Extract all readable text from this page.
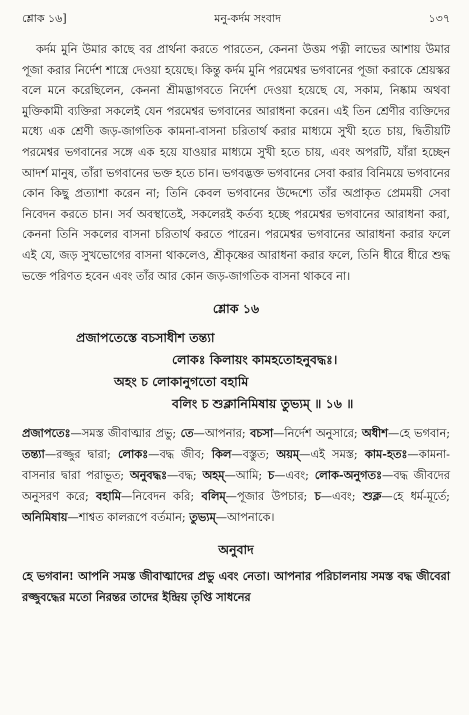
শ্লোক ১৬]	মনু-কর্দম সংবাদ	১৩৭

কর্দম মুনি উমার কাছে বর প্রার্থনা করতে পারতেন, কেননা উত্তম পত্নী লাভের আশায় উমার পূজা করার নির্দেশ শাস্ত্রে দেওয়া হয়েছে। কিন্তু কর্দম মুনি পরমেশ্বর ভগবানের পূজা করাকে শ্রেয়স্কর বলে মনে করেছিলেন, কেননা শ্রীমদ্ভাগবতে নির্দেশ দেওয়া হয়েছে যে, সকাম, নিষ্কাম অথবা মুক্তিকামী ব্যক্তিরা সকলেই যেন পরমেশ্বর ভগবানের আরাধনা করেন। এই তিন শ্রেণীর ব্যক্তিদের মধ্যে এক শ্রেণী জড়-জাগতিক কামনা-বাসনা চরিতার্থ করার মাধ্যমে সুখী হতে চায়, দ্বিতীয়টি পরমেশ্বর ভগবানের সঙ্গে এক হয়ে যাওয়ার মাধ্যমে সুখী হতে চায়, এবং অপরটি, যাঁরা হচ্ছেন আদর্শ মানুষ, তাঁরা ভগবানের ভক্ত হতে চান। ভগবদ্ভক্ত ভগবানের সেবা করার বিনিময়ে ভগবানের কোন কিছু প্রত্যাশা করেন না; তিনি কেবল ভগবানের উদ্দেশ্যে তাঁর অপ্রাকৃত প্রেমময়ী সেবা নিবেদন করতে চান। সর্ব অবস্থাতেই, সকলেরই কর্তব্য হচ্ছে পরমেশ্বর ভগবানের আরাধনা করা, কেননা তিনি সকলের বাসনা চরিতার্থ করতে পারেন। পরমেশ্বর ভগবানের আরাধনা করার ফলে এই যে, জড় সুখভোগের বাসনা থাকলেও, শ্রীকৃষ্ণের আরাধনা করার ফলে, তিনি ধীরে ধীরে শুদ্ধ ভক্তে পরিণত হবেন এবং তাঁর আর কোন জড়-জাগতিক বাসনা থাকবে না।

শ্লোক ১৬
প্রজাপতেস্তে বচসাধীশ তন্ত্যা
লোকঃ কিলায়ং কামহতোহনুবদ্ধঃ।
অহং চ লোকানুগতো বহামি
বলিং চ শুক্লানিমিষায় তুভ্যম্ ॥ ১৬ ॥
প্রজাপতেঃ—সমস্ত জীবাত্মার প্রভু; তে—আপনার; বচসা—নির্দেশ অনুসারে; অধীশ—হে ভগবান; তন্ত্যা—রজ্জুর দ্বারা; লোকঃ—বদ্ধ জীব; কিল—বস্তুত; অয়ম্—এই সমস্ত; কাম-হতঃ—কামনা-বাসনার দ্বারা পরাভূত; অনুবদ্ধঃ—বদ্ধ; অহম্—আমি; চ—এবং; লোক-অনুগতঃ—বদ্ধ জীবদের অনুসরণ করে; বহামি—নিবেদন করি; বলিম্—পূজার উপচার; চ—এবং; শুক্ল—হে ধর্ম-মূর্তে; অনিমিষায়—শাশ্বত কালরূপে বর্তমান; তুভ্যম্—আপনাকে।
অনুবাদ
হে ভগবান! আপনি সমস্ত জীবাত্মাদের প্রভু এবং নেতা। আপনার পরিচালনায় সমস্ত বদ্ধ জীবেরা রজ্জুবদ্ধের মতো নিরন্তর তাদের ইন্দ্রিয় তৃপ্তি সাধনের
